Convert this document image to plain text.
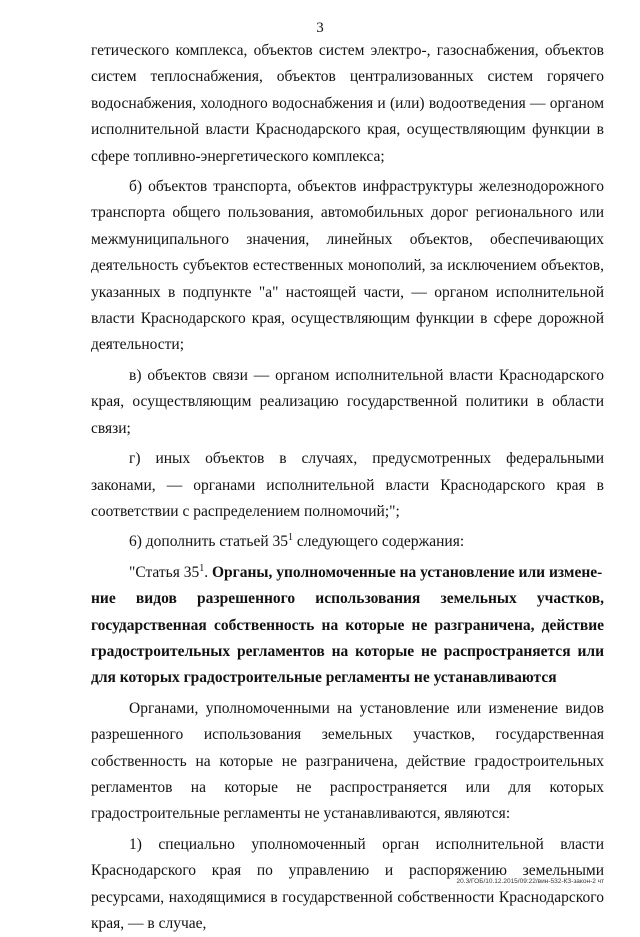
3

гетического комплекса, объектов систем электро-, газоснабжения, объектов систем теплоснабжения, объектов централизованных систем горячего водоснабжения, холодного водоснабжения и (или) водоотведения — органом исполнительной власти Краснодарского края, осуществляющим функции в сфере топливно-энергетического комплекса;

б) объектов транспорта, объектов инфраструктуры железнодорожного транспорта общего пользования, автомобильных дорог регионального или межмуниципального значения, линейных объектов, обеспечивающих деятельность субъектов естественных монополий, за исключением объектов, указанных в подпункте "а" настоящей части, — органом исполнительной власти Краснодарского края, осуществляющим функции в сфере дорожной деятельности;

в) объектов связи — органом исполнительной власти Краснодарского края, осуществляющим реализацию государственной политики в области связи;

г) иных объектов в случаях, предусмотренных федеральными законами, — органами исполнительной власти Краснодарского края в соответствии с распределением полномочий;";

6) дополнить статьей $35^1$ следующего содержания:

"Статья $35^1$. Органы, уполномоченные на установление или измене-

ние видов разрешенного использования земельных участков, государственная собственность на которые не разграничена, действие градостроительных регламентов на которые не распространяется или для которых градостроительные регламенты не устанавливаются

Органами, уполномоченными на установление или изменение видов разрешенного использования земельных участков, государственная собственность на которые не разграничена, действие градостроительных регламентов на которые не распространяется или для которых градостроительные регламенты не устанавливаются, являются:

1) специально уполномоченный орган исполнительной власти Краснодарского края по управлению и распоряжению земельными ресурсами, находящимися в государственной собственности Краснодарского края, — в случае,

20.3/ГОБ/10.12.2015/09:22/вин-532-КЗ-закон-2 чт
